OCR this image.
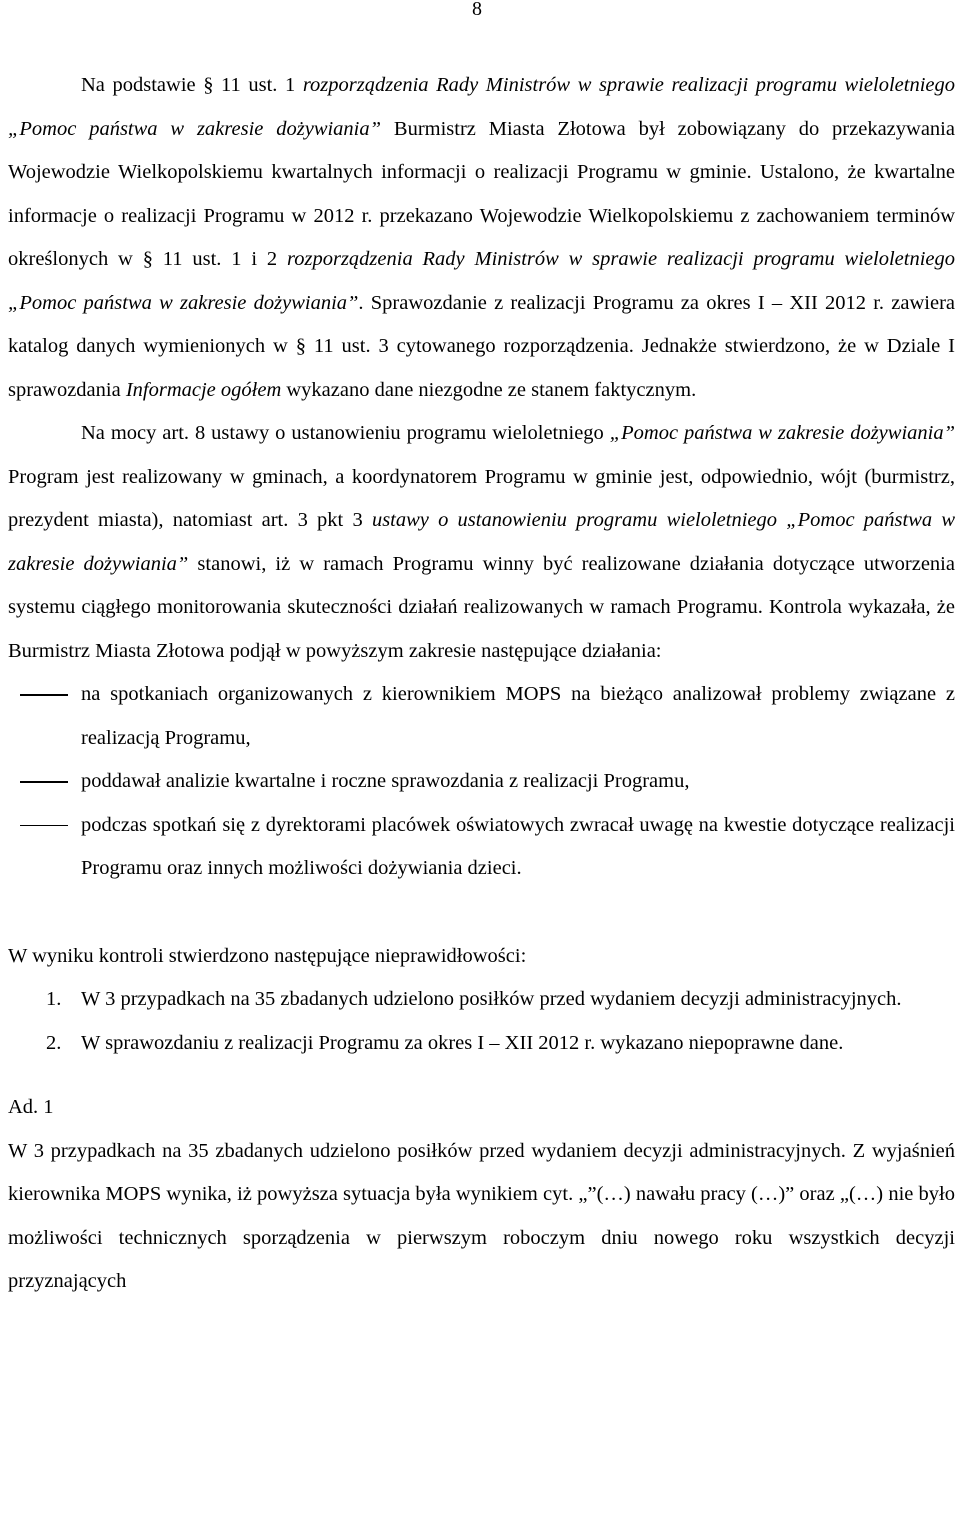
8

Na podstawie § 11 ust. 1 rozporządzenia Rady Ministrów w sprawie realizacji programu wieloletniego „Pomoc państwa w zakresie dożywiania” Burmistrz Miasta Złotowa był zobowiązany do przekazywania Wojewodzie Wielkopolskiemu kwartalnych informacji o realizacji Programu w gminie. Ustalono, że kwartalne informacje o realizacji Programu w 2012 r. przekazano Wojewodzie Wielkopolskiemu z zachowaniem terminów określonych w § 11 ust. 1 i 2 rozporządzenia Rady Ministrów w sprawie realizacji programu wieloletniego „Pomoc państwa w zakresie dożywiania”. Sprawozdanie z realizacji Programu za okres I – XII 2012 r. zawiera katalog danych wymienionych w § 11 ust. 3 cytowanego rozporządzenia. Jednakże stwierdzono, że w Dziale I sprawozdania Informacje ogółem wykazano dane niezgodne ze stanem faktycznym.

Na mocy art. 8 ustawy o ustanowieniu programu wieloletniego „Pomoc państwa w zakresie dożywiania” Program jest realizowany w gminach, a koordynatorem Programu w gminie jest, odpowiednio, wójt (burmistrz, prezydent miasta), natomiast art. 3 pkt 3 ustawy o ustanowieniu programu wieloletniego „Pomoc państwa w zakresie dożywiania” stanowi, iż w ramach Programu winny być realizowane działania dotyczące utworzenia systemu ciągłego monitorowania skuteczności działań realizowanych w ramach Programu. Kontrola wykazała, że Burmistrz Miasta Złotowa podjął w powyższym zakresie następujące działania:

na spotkaniach organizowanych z kierownikiem MOPS na bieżąco analizował problemy związane z realizacją Programu,
poddawał analizie kwartalne i roczne sprawozdania z realizacji Programu,
podczas spotkań się z dyrektorami placówek oświatowych zwracał uwagę na kwestie dotyczące realizacji Programu oraz innych możliwości dożywiania dzieci.

W wyniku kontroli stwierdzono następujące nieprawidłowości:

1. W 3 przypadkach na 35 zbadanych udzielono posiłków przed wydaniem decyzji administracyjnych.
2. W sprawozdaniu z realizacji Programu za okres I – XII 2012 r. wykazano niepoprawne dane.

Ad. 1

W 3 przypadkach na 35 zbadanych udzielono posiłków przed wydaniem decyzji administracyjnych. Z wyjaśnień kierownika MOPS wynika, iż powyższa sytuacja była wynikiem cyt. „”(…) nawału pracy (…)” oraz „(…) nie było możliwości technicznych sporządzenia w pierwszym roboczym dniu nowego roku wszystkich decyzji przyznających
